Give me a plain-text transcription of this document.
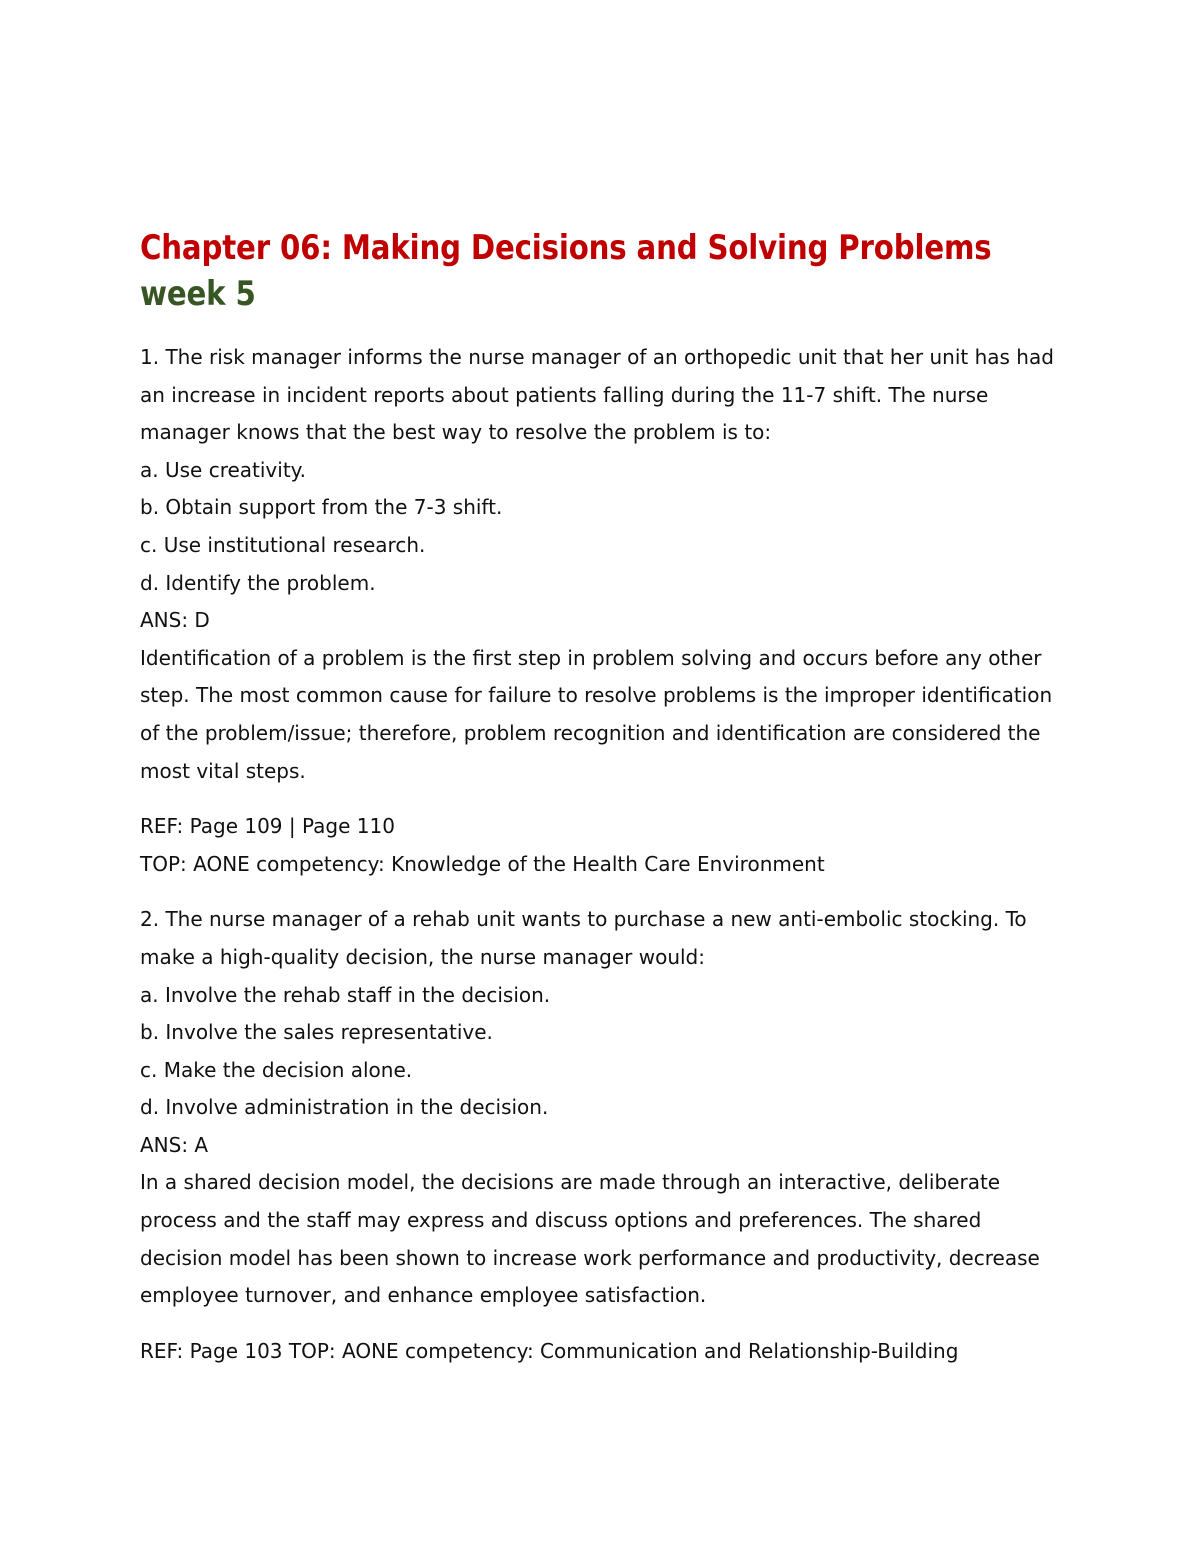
Chapter 06: Making Decisions and Solving Problems
week 5
1. The risk manager informs the nurse manager of an orthopedic unit that her unit has had
an increase in incident reports about patients falling during the 11-7 shift. The nurse
manager knows that the best way to resolve the problem is to:
a. Use creativity.
b. Obtain support from the 7-3 shift.
c. Use institutional research.
d. Identify the problem.
ANS: D
Identification of a problem is the first step in problem solving and occurs before any other
step. The most common cause for failure to resolve problems is the improper identification
of the problem/issue; therefore, problem recognition and identification are considered the
most vital steps.
REF: Page 109 | Page 110
TOP: AONE competency: Knowledge of the Health Care Environment
2. The nurse manager of a rehab unit wants to purchase a new anti-embolic stocking. To
make a high-quality decision, the nurse manager would:
a. Involve the rehab staff in the decision.
b. Involve the sales representative.
c. Make the decision alone.
d. Involve administration in the decision.
ANS: A
In a shared decision model, the decisions are made through an interactive, deliberate
process and the staff may express and discuss options and preferences. The shared
decision model has been shown to increase work performance and productivity, decrease
employee turnover, and enhance employee satisfaction.
REF: Page 103 TOP: AONE competency: Communication and Relationship-Building
